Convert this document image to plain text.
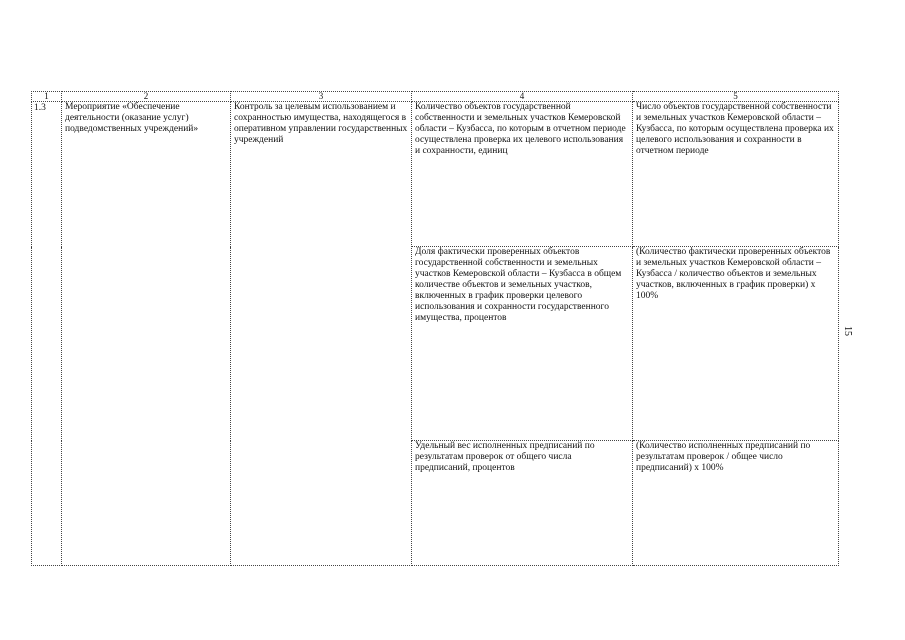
1	2	3	4	5

1.3	Мероприятие «Обеспечение деятельности (оказание услуг) подведомственных учреждений»	Контроль за целевым использованием и сохранностью имущества, находящегося в оперативном управлении государственных учреждений	Количество объектов государственной собственности и земельных участков Кемеровской области – Кузбасса, по которым в отчетном периоде осуществлена проверка их целевого использования и сохранности, единиц	Число объектов государственной собственности и земельных участков Кемеровской области – Кузбасса, по которым осуществлена проверка их целевого использования и сохранности в отчетном периоде

			Доля фактически проверенных объектов государственной собственности и земельных участков Кемеровской области – Кузбасса в общем количестве объектов и земельных участков, включенных в график проверки целевого использования и сохранности государственного имущества, процентов	(Количество фактически проверенных объектов и земельных участков Кемеровской области – Кузбасса / количество объектов и земельных участков, включенных в график проверки) x 100%

			Удельный вес исполненных предписаний по результатам проверок от общего числа предписаний, процентов	(Количество исполненных предписаний по результатам проверок / общее число предписаний) x 100%
15
